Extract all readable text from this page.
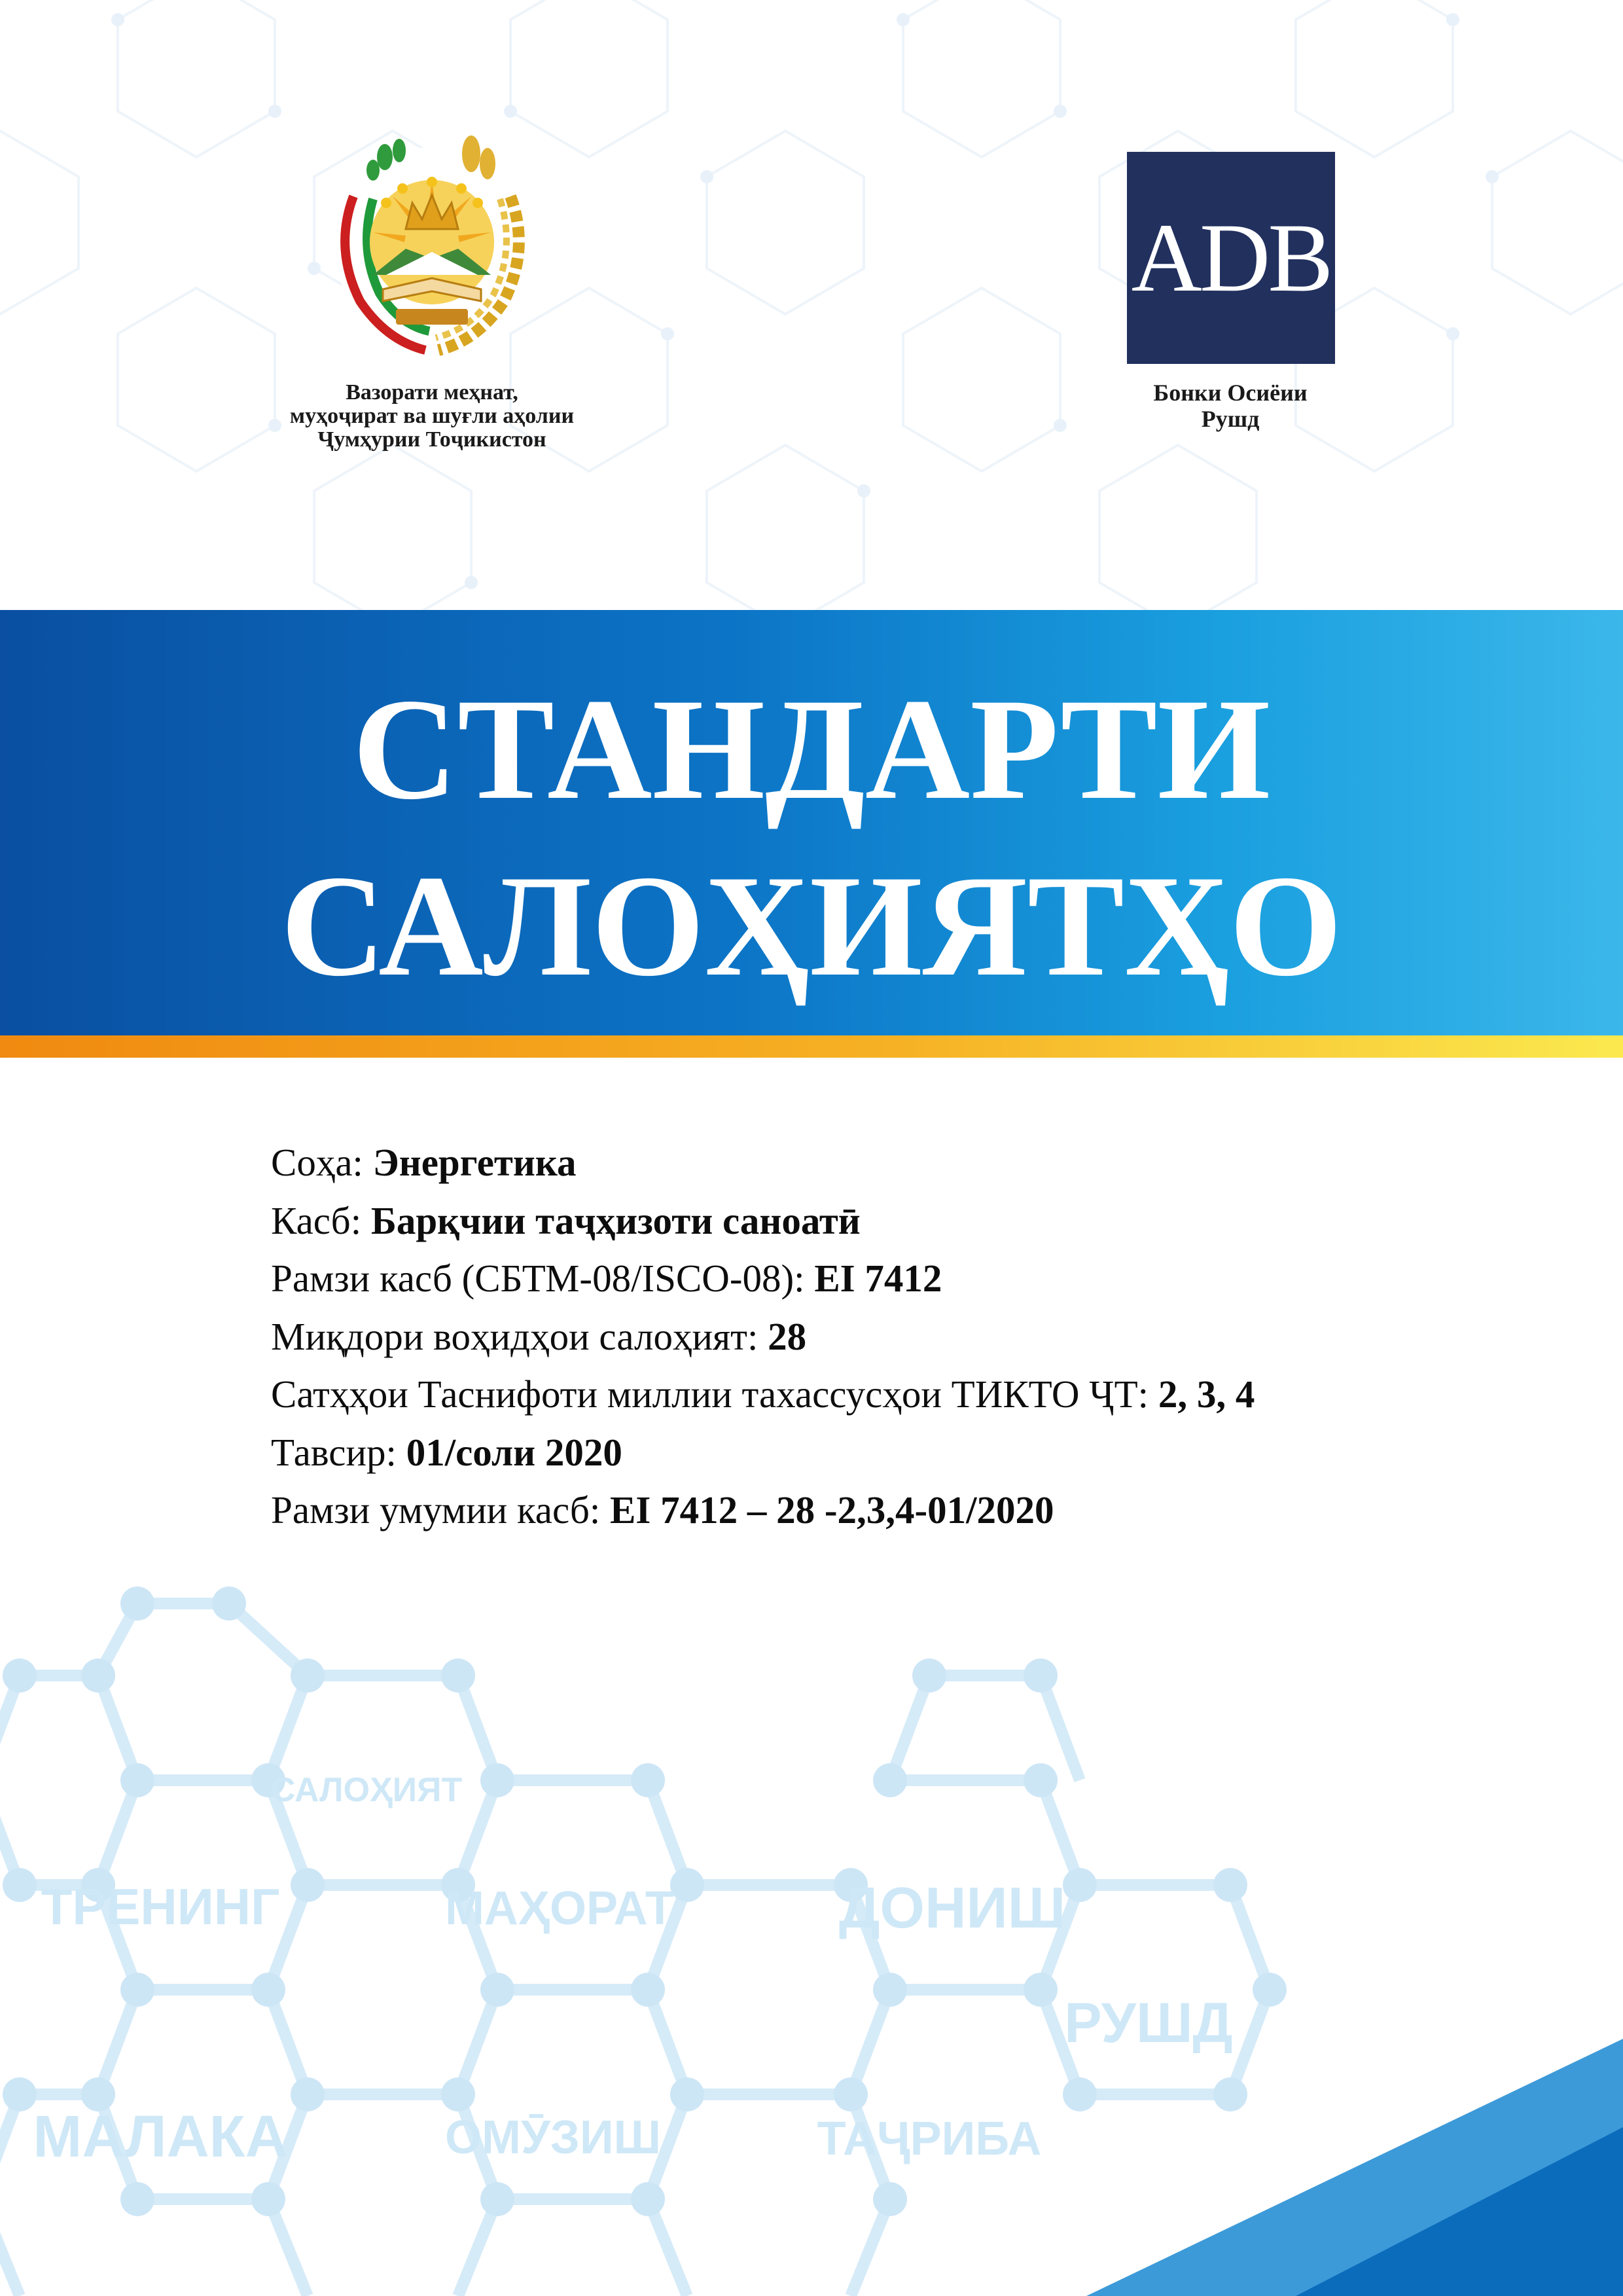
САЛОҲИЯТ
ТРЕНИНГ	МАҲОРАТ	ДОНИШ
РУШД
МАЛАКА	ОМӮЗИШ	ТАҶРИБА
Вазорати меҳнат,
муҳоҷират ва шуғли аҳолии
Ҷумҳурии Тоҷикистон
ADB
Бонки Осиёии
Рушд
СТАНДАРТИ
САЛОҲИЯТҲО
Соҳа: Энергетика
Касб: Барқчии таҷҳизоти саноатӣ
Рамзи касб (СБТМ-08/ISCO-08): EI 7412
Миқдори воҳидҳои салоҳият: 28
Сатҳҳои Таснифоти миллии тахассусҳои ТИКТО ҶТ: 2, 3, 4
Тавсир: 01/соли 2020
Рамзи умумии касб: EI 7412 – 28 -2,3,4-01/2020
